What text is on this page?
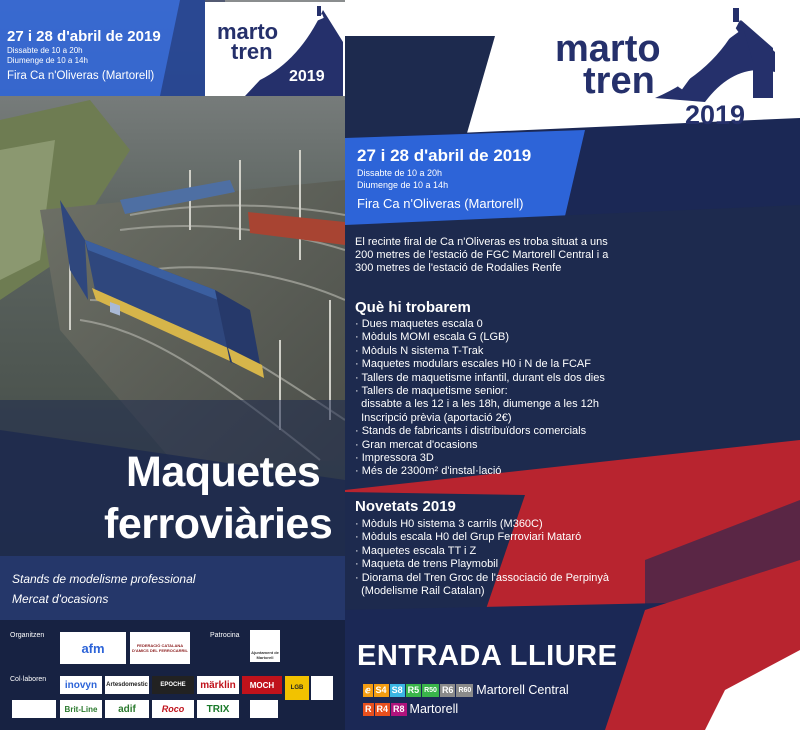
27 i 28 d'abril de 2019
Dissabte de 10 a 20h
Diumenge de 10 a 14h
Fira Ca n'Oliveras (Martorell)
marto
tren
2019
Maquetes
ferroviàries
Stands de modelisme professional
Mercat d'ocasions
Organitzen	Patrocina
Col·laboren
afm	FEDERACIÓ CATALANA D'AMICS DEL FERROCARRIL	Ajuntament de Martorell
inovyn	Artesdomestic	EPOCHE	märklin	MOCH	LGB
Brit-Line	adif	Roco	TRIX
marto
tren
2019
27 i 28 d'abril de 2019
Dissabte de 10 a 20h
Diumenge de 10 a 14h
Fira Ca n'Oliveras (Martorell)
El recinte firal de Ca n'Oliveras es troba situat a uns
200 metres de l'estació de FGC Martorell Central i a
300 metres de l'estació de Rodalies Renfe
Què hi trobarem
· Dues maquetes escala 0
· Mòduls MOMI escala G (LGB)
· Mòduls N sistema T-Trak
· Maquetes modulars escales H0 i N de la FCAF
· Tallers de maquetisme infantil, durant els dos dies
· Tallers de maquetisme senior:
dissabte a les 12 i a les 18h, diumenge a les 12h
Inscripció prèvia (aportació 2€)
· Stands de fabricants i distribuïdors comercials
· Gran mercat d'ocasions
· Impressora 3D
· Més de 2300m² d'instal·lació
Novetats 2019
· Mòduls H0 sistema 3 carrils (M360C)
· Mòduls escala H0 del Grup Ferroviari Mataró
· Maquetes escala TT i Z
· Maqueta de trens Playmobil
· Diorama del Tren Groc de l'associació de Perpinyà
(Modelisme Rail Catalan)
ENTRADA LLIURE
ⅇ S4 S8 R5 R50 R6 R60 Martorell Central
R R4 R8 Martorell
